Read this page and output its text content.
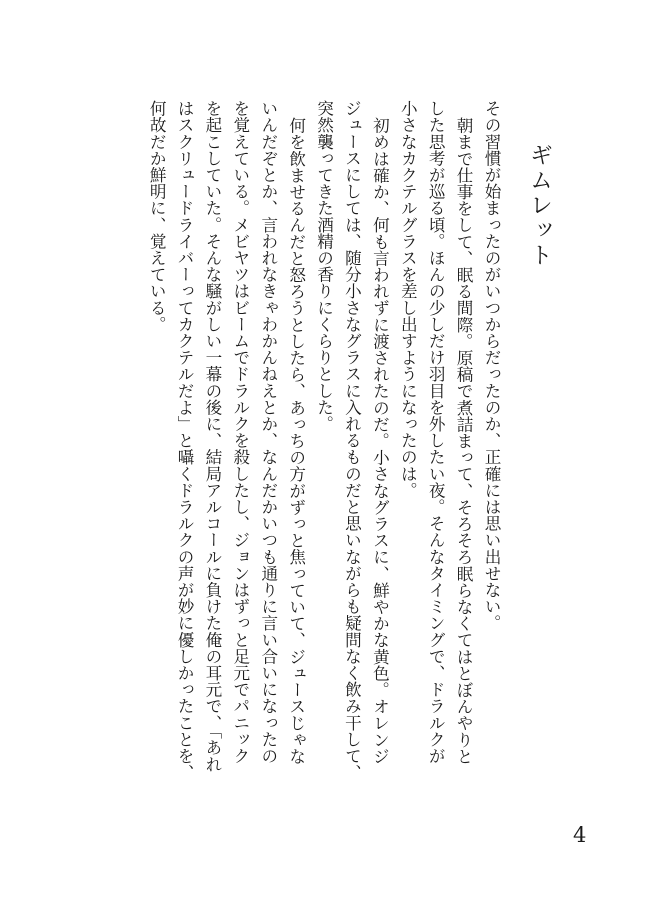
ギムレット
その習慣が始まったのがいつからだったのか、正確には思い出せない。
朝まで仕事をして、眠る間際。原稿で煮詰まって、そろそろ眠らなくてはとぼんやりと
した思考が巡る頃。ほんの少しだけ羽目を外したい夜。そんなタイミングで、ドラルクが
小さなカクテルグラスを差し出すようになったのは。
初めは確か、何も言われずに渡されたのだ。小さなグラスに、鮮やかな黄色。オレンジ
ジュースにしては、随分小さなグラスに入れるものだと思いながらも疑問なく飲み干して、
突然襲ってきた酒精の香りにくらりとした。
何を飲ませるんだと怒ろうとしたら、あっちの方がずっと焦っていて、ジュースじゃな
いんだぞとか、言われなきゃわかんねえとか、なんだかいつも通りに言い合いになったの
を覚えている。メビヤツはビームでドラルクを殺したし、ジョンはずっと足元でパニック
を起こしていた。そんな騒がしい一幕の後に、結局アルコールに負けた俺の耳元で、「あれ
はスクリュードライバーってカクテルだよ」と囁くドラルクの声が妙に優しかったことを、
何故だか鮮明に、覚えている。
4
